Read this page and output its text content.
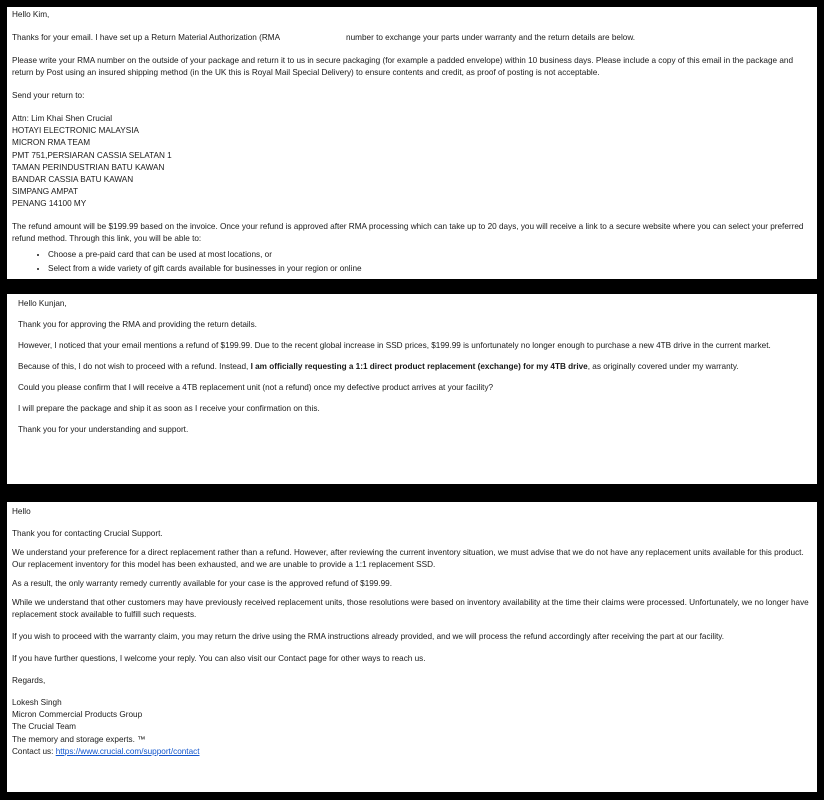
Hello Kim,

Thanks for your email. I have set up a Return Material Authorization (RMA	number to exchange your parts under warranty and the return details are below.

Please write your RMA number on the outside of your package and return it to us in secure packaging (for example a padded envelope) within 10 business days. Please include a copy of this email in the package and return by Post using an insured shipping method (in the UK this is Royal Mail Special Delivery) to ensure contents and credit, as proof of posting is not acceptable.

Send your return to:

Attn: Lim Khai Shen Crucial
HOTAYI ELECTRONIC MALAYSIA
MICRON RMA TEAM
PMT 751,PERSIARAN CASSIA SELATAN 1
TAMAN PERINDUSTRIAN BATU KAWAN
BANDAR CASSIA BATU KAWAN
SIMPANG AMPAT
PENANG 14100 MY

The refund amount will be $199.99 based on the invoice. Once your refund is approved after RMA processing which can take up to 20 days, you will receive a link to a secure website where you can select your preferred refund method. Through this link, you will be able to:

• Choose a pre-paid card that can be used at most locations, or
• Select from a wide variety of gift cards available for businesses in your region or online

Hello Kunjan,

Thank you for approving the RMA and providing the return details.

However, I noticed that your email mentions a refund of $199.99. Due to the recent global increase in SSD prices, $199.99 is unfortunately no longer enough to purchase a new 4TB drive in the current market.

Because of this, I do not wish to proceed with a refund. Instead, I am officially requesting a 1:1 direct product replacement (exchange) for my 4TB drive, as originally covered under my warranty.

Could you please confirm that I will receive a 4TB replacement unit (not a refund) once my defective product arrives at your facility?

I will prepare the package and ship it as soon as I receive your confirmation on this.

Thank you for your understanding and support.

Hello

Thank you for contacting Crucial Support.

We understand your preference for a direct replacement rather than a refund. However, after reviewing the current inventory situation, we must advise that we do not have any replacement units available for this product. Our replacement inventory for this model has been exhausted, and we are unable to provide a 1:1 replacement SSD.

As a result, the only warranty remedy currently available for your case is the approved refund of $199.99.

While we understand that other customers may have previously received replacement units, those resolutions were based on inventory availability at the time their claims were processed. Unfortunately, we no longer have replacement stock available to fulfill such requests.

If you wish to proceed with the warranty claim, you may return the drive using the RMA instructions already provided, and we will process the refund accordingly after receiving the part at our facility.

If you have further questions, I welcome your reply. You can also visit our Contact page for other ways to reach us.

Regards,

Lokesh Singh
Micron Commercial Products Group
The Crucial Team
The memory and storage experts. ™
Contact us: https://www.crucial.com/support/contact
